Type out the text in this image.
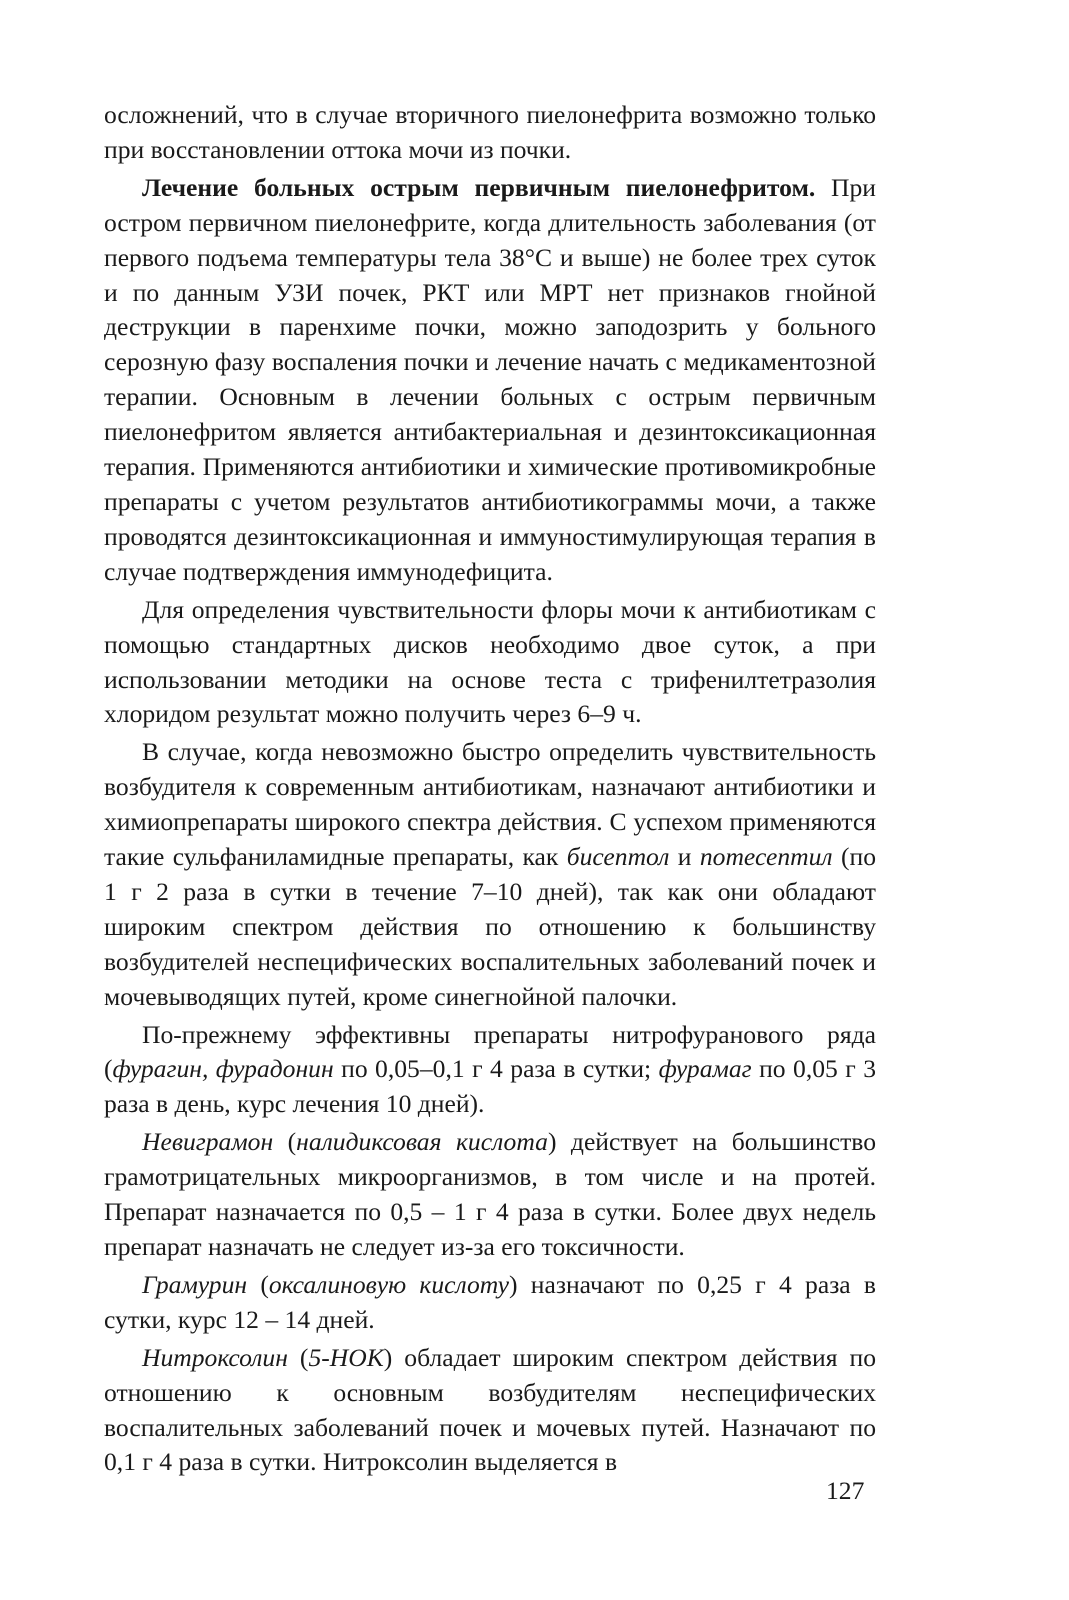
осложнений, что в случае вторичного пиелонефрита возможно только при восстановлении оттока мочи из почки.

Лечение больных острым первичным пиелонефритом. При остром первичном пиелонефрите, когда длительность заболевания (от первого подъема температуры тела 38°C и выше) не более трех суток и по данным УЗИ почек, РКТ или МРТ нет признаков гнойной деструкции в паренхиме почки, можно заподозрить у больного серозную фазу воспаления почки и лечение начать с медикаментозной терапии. Основным в лечении больных с острым первичным пиелонефритом является антибактериальная и дезинтоксикационная терапия. Применяются антибиотики и химические противомикробные препараты с учетом результатов антибиотикограммы мочи, а также проводятся дезинтоксикационная и иммуностимулирующая терапия в случае подтверждения иммунодефицита.

Для определения чувствительности флоры мочи к антибиотикам с помощью стандартных дисков необходимо двое суток, а при использовании методики на основе теста с трифенилтетразолия хлоридом результат можно получить через 6–9 ч.

В случае, когда невозможно быстро определить чувствительность возбудителя к современным антибиотикам, назначают антибиотики и химиопрепараты широкого спектра действия. С успехом применяются такие сульфаниламидные препараты, как бисептол и потесептил (по 1 г 2 раза в сутки в течение 7–10 дней), так как они обладают широким спектром действия по отношению к большинству возбудителей неспецифических воспалительных заболеваний почек и мочевыводящих путей, кроме синегнойной палочки.

По-прежнему эффективны препараты нитрофуранового ряда (фурагин, фурадонин по 0,05–0,1 г 4 раза в сутки; фурамаг по 0,05 г 3 раза в день, курс лечения 10 дней).

Невиграмон (налидиксовая кислота) действует на большинство грамотрицательных микроорганизмов, в том числе и на протей. Препарат назначается по 0,5 – 1 г 4 раза в сутки. Более двух недель препарат назначать не следует из-за его токсичности.

Грамурин (оксалиновую кислоту) назначают по 0,25 г 4 раза в сутки, курс 12 – 14 дней.

Нитроксолин (5-НОК) обладает широким спектром действия по отношению к основным возбудителям неспецифических воспалительных заболеваний почек и мочевых путей. Назначают по 0,1 г 4 раза в сутки. Нитроксолин выделяется в

127
